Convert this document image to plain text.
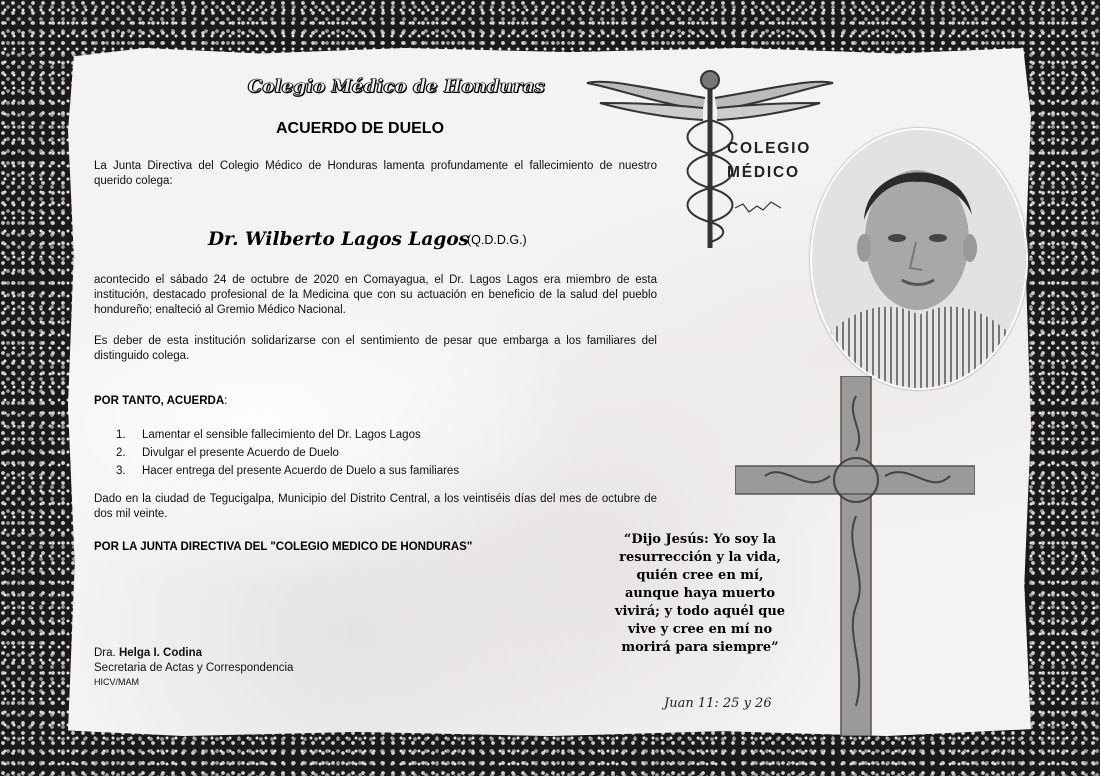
Colegio Médico de Honduras
ACUERDO DE DUELO
COLEGIO
MÉDICO
La Junta Directiva del Colegio Médico de Honduras lamenta profundamente el fallecimiento de nuestro querido colega:
Dr. Wilberto Lagos Lagos
(Q.D.D.G.)
acontecido el sábado 24 de octubre de 2020 en Comayagua, el Dr. Lagos Lagos era miembro de esta institución, destacado profesional de la Medicina que con su actuación en beneficio de la salud del pueblo hondureño; enalteció al Gremio Médico Nacional.
Es deber de esta institución solidarizarse con el sentimiento de pesar que embarga a los familiares del distinguido colega.
POR TANTO, ACUERDA:
1. Lamentar el sensible fallecimiento del Dr. Lagos Lagos
2. Divulgar el presente Acuerdo de Duelo
3. Hacer entrega del presente Acuerdo de Duelo a sus familiares
Dado en la ciudad de Tegucigalpa, Municipio del Distrito Central, a los veintiséis días del mes de octubre de dos mil veinte.
POR LA JUNTA DIRECTIVA DEL "COLEGIO MEDICO DE HONDURAS"	“Dijo Jesús: Yo soy la resurrección y la vida, quién cree en mí, aunque haya muerto vivirá; y todo aquél que vive y cree en mí no morirá para siempre”
Juan 11: 25 y 26
Dra. Helga I. Codina
Secretaria de Actas y Correspondencia
HICV/MAM
